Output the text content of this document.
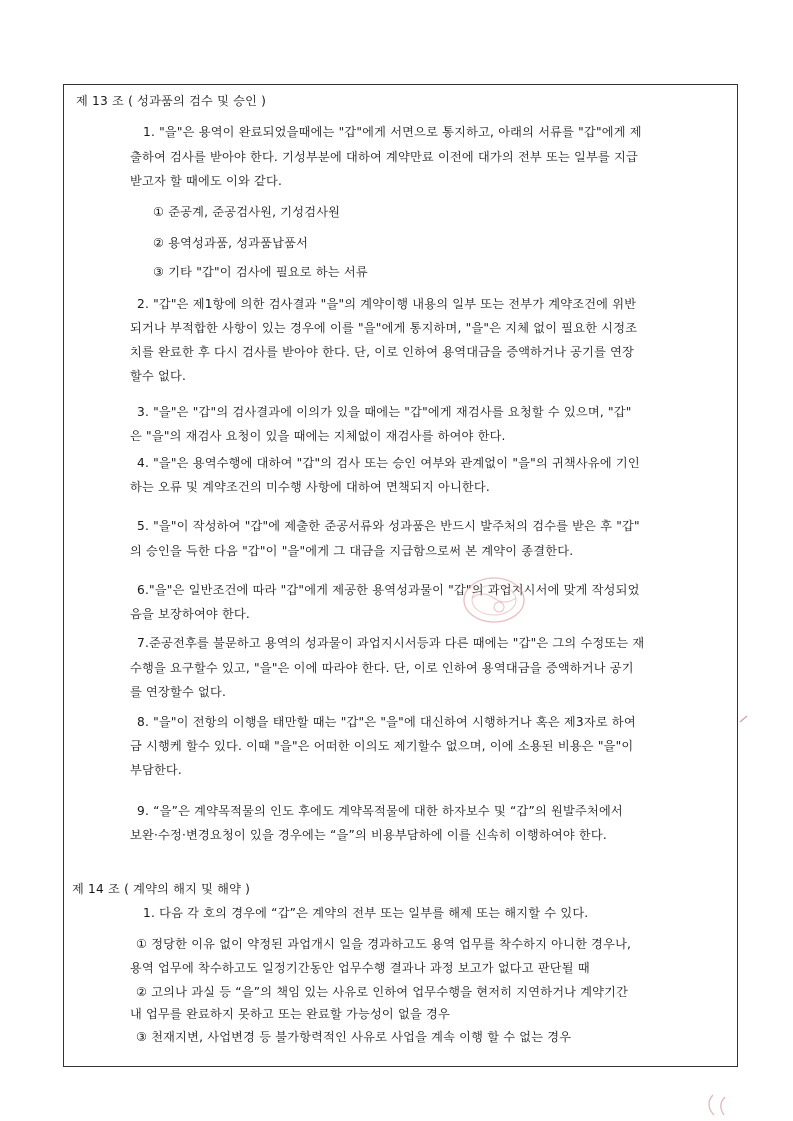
제 13 조 ( 성과품의 검수 및 승인 )
1. "을"은 용역이 완료되었을때에는 "갑"에게 서면으로 통지하고, 아래의 서류를 "갑"에게 제
출하여 검사를 받아야 한다. 기성부분에 대하여 계약만료 이전에 대가의 전부 또는 일부를 지급
받고자 할 때에도 이와 같다.
① 준공계, 준공검사원, 기성검사원
② 용역성과품, 성과품납품서
③ 기타 "갑"이 검사에 필요로 하는 서류
2. "갑"은 제1항에 의한 검사결과 "을"의 계약이행 내용의 일부 또는 전부가 계약조건에 위반
되거나 부적합한 사항이 있는 경우에 이를 "을"에게 통지하며, "을"은 지체 없이 필요한 시정조
치를 완료한 후 다시 검사를 받아야 한다. 단, 이로 인하여 용역대금을 증액하거나 공기를 연장
할수 없다.
3. "을"은 "갑"의 검사결과에 이의가 있을 때에는 "갑"에게 재검사를 요청할 수 있으며, "갑"
은 "을"의 재검사 요청이 있을 때에는 지체없이 재검사를 하여야 한다.
4. "을"은 용역수행에 대하여 "갑"의 검사 또는 승인 여부와 관계없이 "을"의 귀책사유에 기인
하는 오류 및 계약조건의 미수행 사항에 대하여 면책되지 아니한다.
5. "을"이 작성하여 "갑"에 제출한 준공서류와 성과품은 반드시 발주처의 검수를 받은 후 "갑"
의 승인을 득한 다음 "갑"이 "을"에게 그 대금을 지급함으로써 본 계약이 종결한다.
6."을"은 일반조건에 따라 "갑"에게 제공한 용역성과물이 "갑"의 과업지시서에 맞게 작성되었
음을 보장하여야 한다.
7.준공전후를 불문하고 용역의 성과물이 과업지시서등과 다른 때에는 "갑"은 그의 수정또는 재
수행을 요구할수 있고, "을"은 이에 따라야 한다. 단, 이로 인하여 용역대금을 증액하거나 공기
를 연장할수 없다.
8. "을"이 전항의 이행을 태만할 때는 "갑"은 "을"에 대신하여 시행하거나 혹은 제3자로 하여
금 시행케 할수 있다. 이때 "을"은 어떠한 이의도 제기할수 없으며, 이에 소용된 비용은 "을"이
부담한다.
9. “을”은 계약목적물의 인도 후에도 계약목적물에 대한 하자보수 및 “갑”의 원발주처에서
보완·수정·변경요청이 있을 경우에는 “을”의 비용부담하에 이를 신속히 이행하여야 한다.
제 14 조 ( 계약의 해지 및 해약 )
1. 다음 각 호의 경우에 “갑”은 계약의 전부 또는 일부를 해제 또는 해지할 수 있다.
① 정당한 이유 없이 약정된 과업개시 일을 경과하고도 용역 업무를 착수하지 아니한 경우나,
용역 업무에 착수하고도 일정기간동안 업무수행 결과나 과정 보고가 없다고 판단될 때
② 고의나 과실 등 “을”의 책임 있는 사유로 인하여 업무수행을 현저히 지연하거나 계약기간
내 업무를 완료하지 못하고 또는 완료할 가능성이 없을 경우
③ 천재지변, 사업변경 등 불가항력적인 사유로 사업을 계속 이행 할 수 없는 경우
